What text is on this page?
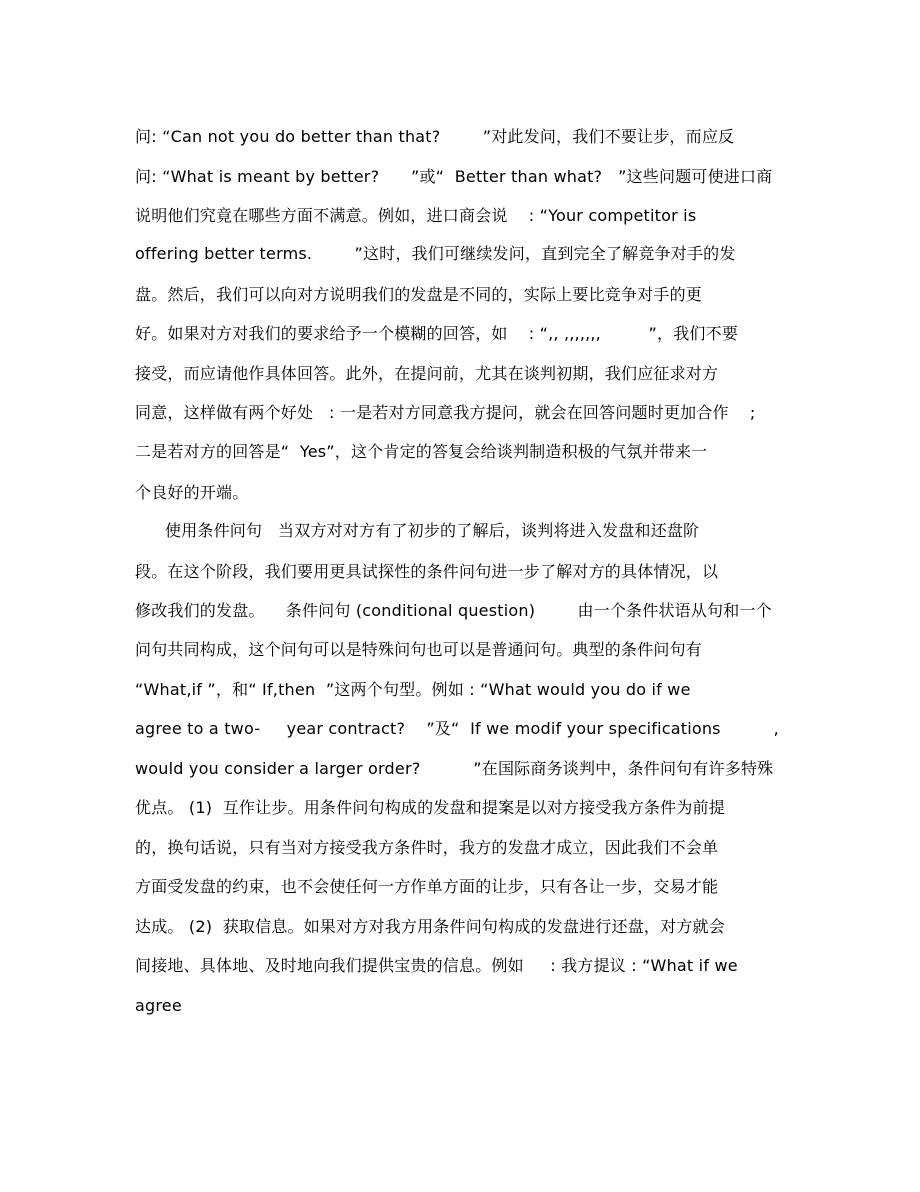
问: “Can not you do better than that?        ”对此发问，我们不要让步，而应反

问: “What is meant by better?      ”或“  Better than what?   ”这些问题可使进口商

说明他们究竟在哪些方面不满意。例如，进口商会说    : “Your competitor is

offering better terms.        ”这时，我们可继续发问，直到完全了解竞争对手的发

盘。然后，我们可以向对方说明我们的发盘是不同的，实际上要比竞争对手的更

好。如果对方对我们的要求给予一个模糊的回答，如    : “,, ,,,,,,,         ”，我们不要

接受，而应请他作具体回答。此外，在提问前，尤其在谈判初期，我们应征求对方

同意，这样做有两个好处   : 一是若对方同意我方提问，就会在回答问题时更加合作    ;

二是若对方的回答是“  Yes”，这个肯定的答复会给谈判制造积极的气氛并带来一

个良好的开端。

使用条件问句   当双方对对方有了初步的了解后，谈判将进入发盘和还盘阶

段。在这个阶段，我们要用更具试探性的条件问句进一步了解对方的具体情况，以

修改我们的发盘。    条件问句 (conditional question)        由一个条件状语从句和一个

问句共同构成，这个问句可以是特殊问句也可以是普通问句。典型的条件问句有

“What,if ”，和“ If,then  ”这两个句型。例如 : “What would you do if we

agree to a two-     year contract?    ”及“  If we modif your specifications          ,

would you consider a larger order?          ”在国际商务谈判中，条件问句有许多特殊

优点。 (1)  互作让步。用条件问句构成的发盘和提案是以对方接受我方条件为前提

的，换句话说，只有当对方接受我方条件时，我方的发盘才成立，因此我们不会单

方面受发盘的约束，也不会使任何一方作单方面的让步，只有各让一步，交易才能

达成。 (2)  获取信息。如果对方对我方用条件问句构成的发盘进行还盘，对方就会

间接地、具体地、及时地向我们提供宝贵的信息。例如     : 我方提议 : “What if we

agree
